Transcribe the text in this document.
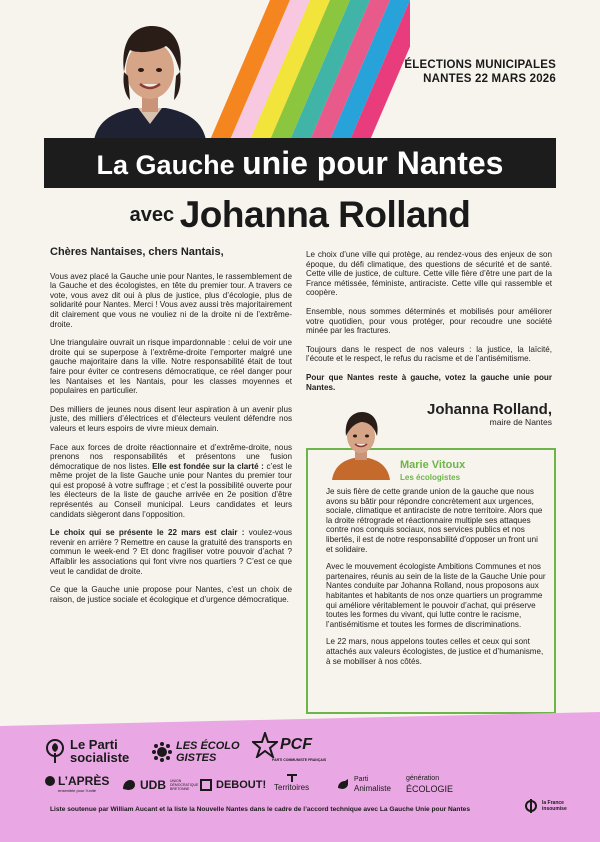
ÉLECTIONS MUNICIPALES
NANTES 22 MARS 2026
La Gauche unie pour Nantes
avec Johanna Rolland
Chères Nantaises, chers Nantais,

Vous avez placé la Gauche unie pour Nantes, le rassemblement de la Gauche et des écologistes, en tête du premier tour. A travers ce vote, vous avez dit oui à plus de justice, plus d’écologie, plus de solidarité pour Nantes. Merci ! Vous avez aussi très majoritairement dit clairement que vous ne vouliez ni de la droite ni de l’extrême-droite.

Une triangulaire ouvrait un risque impardonnable : celui de voir une droite qui se superpose à l’extrême-droite l’emporter malgré une gauche majoritaire dans la ville. Notre responsabilité était de tout faire pour éviter ce contresens démocratique, ce réel danger pour les Nantaises et les Nantais, pour les classes moyennes et populaires en particulier.

Des milliers de jeunes nous disent leur aspiration à un avenir plus juste, des milliers d’électrices et d’électeurs veulent défendre nos valeurs et leurs espoirs de vivre mieux demain.

Face aux forces de droite réactionnaire et d’extrême-droite, nous prenons nos responsabilités et présentons une fusion démocratique de nos listes. Elle est fondée sur la clarté : c’est le même projet de la liste Gauche unie pour Nantes du premier tour qui est proposé à votre suffrage ; et c’est la possibilité ouverte pour les électeurs de la liste de gauche arrivée en 2e position d’être représentés au Conseil municipal. Leurs candidates et leurs candidats siègeront dans l’opposition.

Le choix qui se présente le 22 mars est clair : voulez-vous revenir en arrière ? Remettre en cause la gratuité des transports en commun le week-end ? Et donc fragiliser votre pouvoir d’achat ? Affaiblir les associations qui font vivre nos quartiers ? C’est ce que veut le candidat de droite.

Ce que la Gauche unie propose pour Nantes, c’est un choix de raison, de justice sociale et écologique et d’urgence démocratique.

Le choix d’une ville qui protège, au rendez-vous des enjeux de son époque, du défi climatique, des questions de sécurité et de santé. Cette ville de justice, de culture. Cette ville fière d’être une part de la France métissée, féministe, antiraciste. Cette ville qui rassemble et coopère.

Ensemble, nous sommes déterminés et mobilisés pour améliorer votre quotidien, pour vous protéger, pour recoudre une société minée par les fractures.

Toujours dans le respect de nos valeurs : la justice, la laïcité, l’écoute et le respect, le refus du racisme et de l’antisémitisme.

Pour que Nantes reste à gauche, votez la gauche unie pour Nantes.

Johanna Rolland,
maire de Nantes
Marie Vitoux
Les écologistes

Je suis fière de cette grande union de la gauche que nous avons su bâtir pour répondre concrètement aux urgences, sociale, climatique et antiraciste de notre territoire. Alors que la droite rétrograde et réactionnaire multiple ses attaques contre nos conquis sociaux, nos services publics et nos libertés, il est de notre responsabilité d’opposer un front uni et solidaire.

Avec le mouvement écologiste Ambitions Communes et nos partenaires, réunis au sein de la liste de la Gauche Unie pour Nantes conduite par Johanna Rolland, nous proposons aux habitantes et habitants de nos onze quartiers un programme qui améliore véritablement le pouvoir d’achat, qui préserve toutes les formes du vivant, qui lutte contre le racisme, l’antisémitisme et toutes les formes de discriminations.

Le 22 mars, nous appelons toutes celles et ceux qui sont attachés aux valeurs écologistes, de justice et d’humanisme, à se mobiliser à nos côtés.

Le Parti
socialiste
LES ÉCOLO
GISTES
PCF
PARTI COMMUNISTE FRANÇAIS
L’APRÈS
ensemble pour l’unité	UDB UNION DÉMOCRATIQUE BRETONNE	DEBOUT! Territoires
Parti
Animaliste
génération
ÉCOLOGIE
Liste soutenue par William Aucant et la liste la Nouvelle Nantes dans le cadre de l’accord technique avec La Gauche Unie pour Nantes
la France
insoumise
